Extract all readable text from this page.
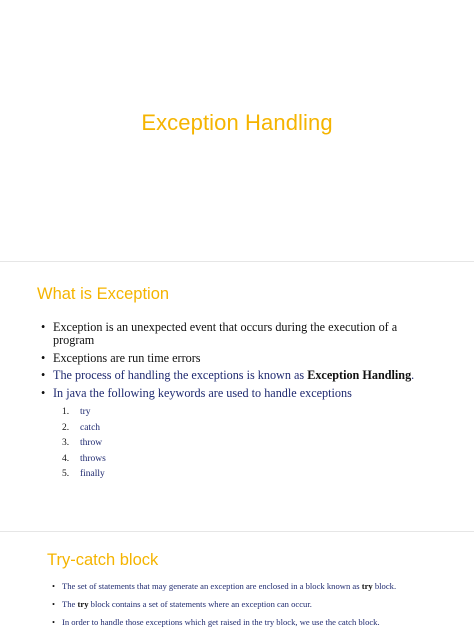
Exception Handling
What is Exception
• Exception is an unexpected event that occurs during the execution of a program
• Exceptions are run time errors
• The process of handling the exceptions is known as Exception Handling.
• In java the following keywords are used to handle exceptions
1.	try
2.	catch
3.	throw
4.	throws
5.	finally
Try-catch block
• The set of statements that may generate an exception are enclosed in a block known as try block.
• The try block contains a set of statements where an exception can occur.
• In order to handle those exceptions which get raised in the try block, we use the catch block.
